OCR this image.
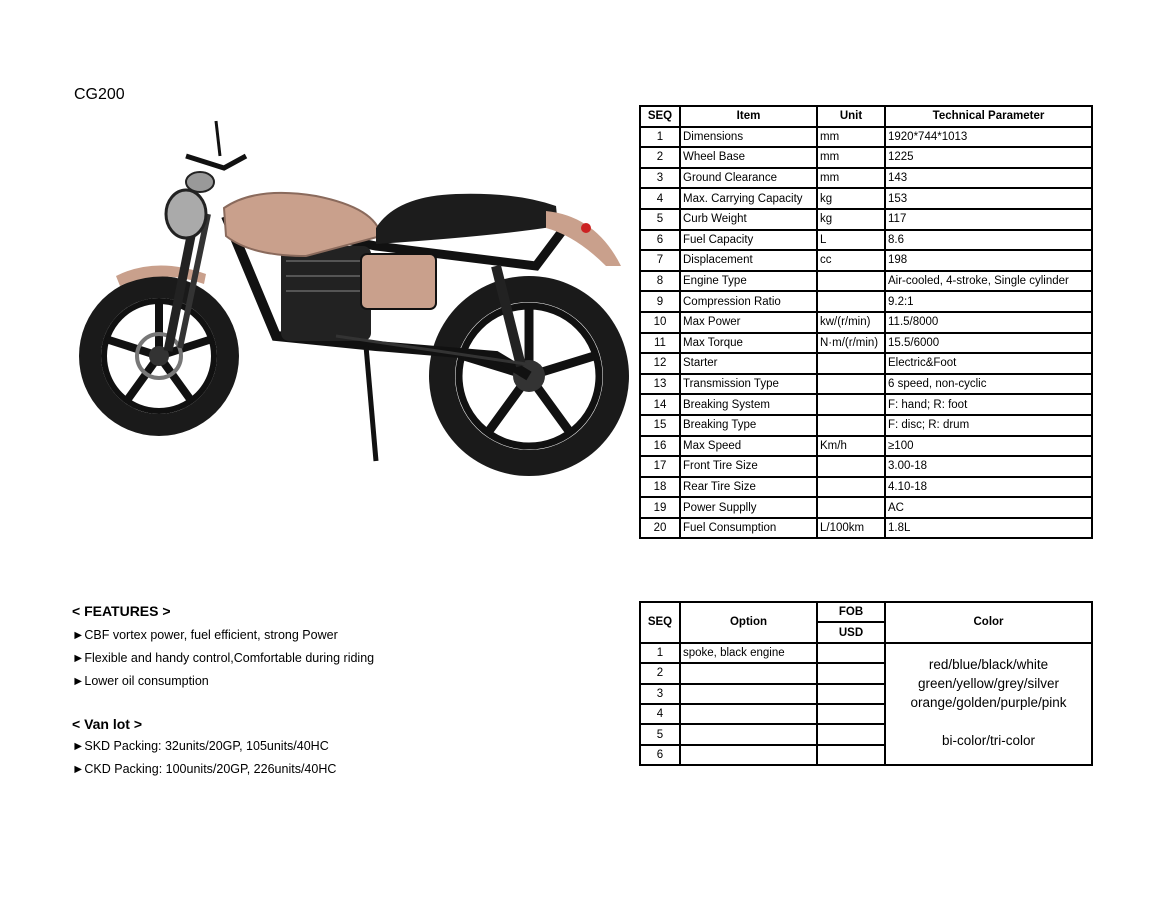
CG200
SEQ	Item	Unit	Technical Parameter
1	Dimensions	mm	1920*744*1013
2	Wheel Base	mm	1225
3	Ground Clearance	mm	143
4	Max. Carrying Capacity	kg	153
5	Curb Weight	kg	117
6	Fuel Capacity	L	8.6
7	Displacement	cc	198
8	Engine Type		Air-cooled, 4-stroke, Single cylinder
9	Compression Ratio		9.2:1
10	Max Power	kw/(r/min)	11.5/8000
11	Max Torque	N·m/(r/min)	15.5/6000
12	Starter		Electric&Foot
13	Transmission Type		6 speed, non-cyclic
14	Breaking System		F: hand; R: foot
15	Breaking Type		F: disc; R: drum
16	Max Speed	Km/h	≥100
17	Front Tire Size		3.00-18
18	Rear Tire Size		4.10-18
19	Power Supplly		AC
20	Fuel Consumption	L/100km	1.8L
SEQ	Option	FOB	Color
		USD	
1	spoke, black engine		red/blue/black/white
green/yellow/grey/silver
orange/golden/purple/pink
bi-color/tri-color

2			
3			
4			
5			
6			
< FEATURES >
►CBF vortex power, fuel efficient, strong Power
►Flexible and handy control,Comfortable during riding
►Lower oil consumption
< Van lot >
►SKD Packing: 32units/20GP, 105units/40HC
►CKD Packing: 100units/20GP, 226units/40HC
